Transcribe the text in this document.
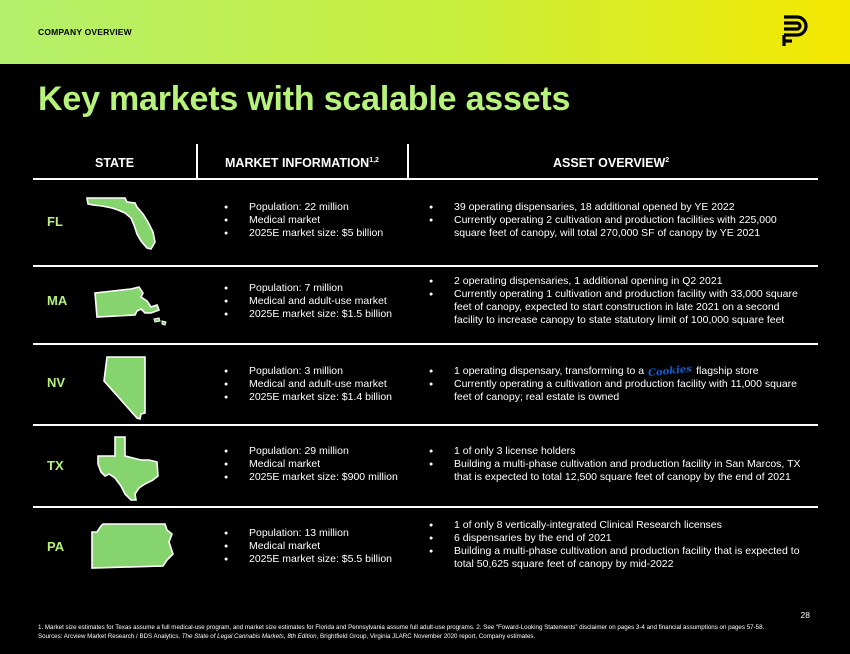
COMPANY OVERVIEW
Key markets with scalable assets
STATE	MARKET INFORMATION$^{1,2}$	ASSET OVERVIEW$^2$
FL
● Population: 22 million
● Medical market
● 2025E market size: $5 billion
● 39 operating dispensaries, 18 additional opened by YE 2022
● Currently operating 2 cultivation and production facilities with 225,000 square feet of canopy, will total 270,000 SF of canopy by YE 2021
MA
● Population: 7 million
● Medical and adult-use market
● 2025E market size: $1.5 billion
● 2 operating dispensaries, 1 additional opening in Q2 2021
● Currently operating 1 cultivation and production facility with 33,000 square feet of canopy, expected to start construction in late 2021 on a second facility to increase canopy to state statutory limit of 100,000 square feet
NV
● Population: 3 million
● Medical and adult-use market
● 2025E market size: $1.4 billion
● 1 operating dispensary, transforming to a Cookies flagship store
● Currently operating a cultivation and production facility with 11,000 square feet of canopy; real estate is owned
TX
● Population: 29 million
● Medical market
● 2025E market size: $900 million
● 1 of only 3 license holders
● Building a multi-phase cultivation and production facility in San Marcos, TX that is expected to total 12,500 square feet of canopy by the end of 2021
PA
● Population: 13 million
● Medical market
● 2025E market size: $5.5 billion
● 1 of only 8 vertically-integrated Clinical Research licenses
● 6 dispensaries by the end of 2021
● Building a multi-phase cultivation and production facility that is expected to total 50,625 square feet of canopy by mid-2022
28
1. Market size estimates for Texas assume a full medical-use program, and market size estimates for Florida and Pennsylvania assume full adult-use programs. 2. See “Foward-Looking Statements” disclaimer on pages 3-4 and financial assumptions on pages 57-58.
Sources: Arcview Market Research / BDS Analytics, The State of Legal Cannabis Markets, 8th Edition, Brightfield Group, Virginia JLARC November 2020 report, Company estimates.
